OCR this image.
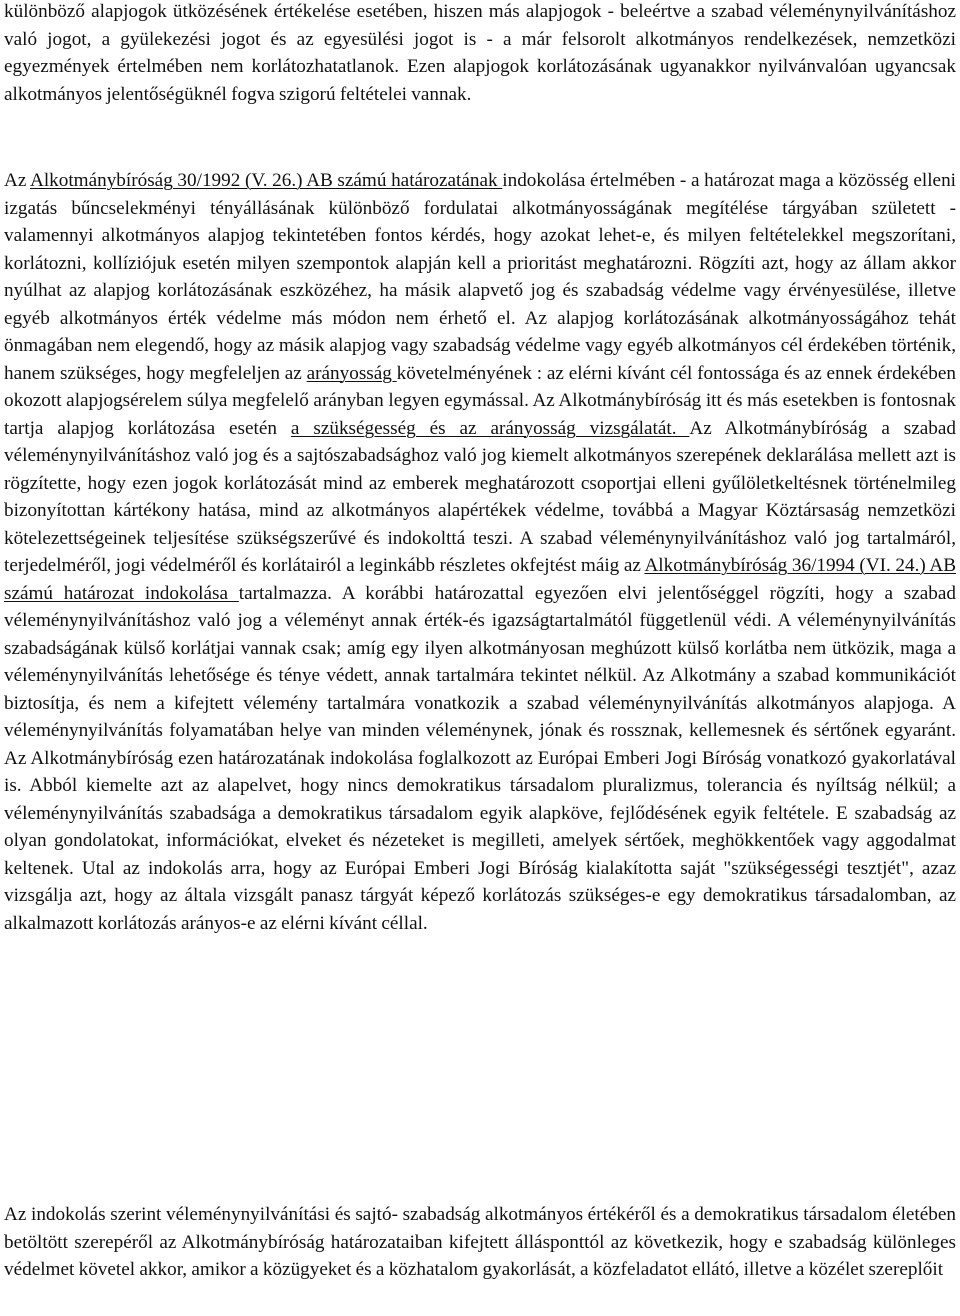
különböző alapjogok ütközésének értékelése esetében, hiszen más alapjogok - beleértve a szabad véleménynyilvánításhoz való jogot, a gyülekezési jogot és az egyesülési jogot is - a már felsorolt alkotmányos rendelkezések, nemzetközi egyezmények értelmében nem korlátozhatatlanok. Ezen alapjogok korlátozásának ugyanakkor nyilvánvalóan ugyancsak alkotmányos jelentőségüknél fogva szigorú feltételei vannak.

Az Alkotmánybíróság 30/1992 (V. 26.) AB számú határozatának indokolása értelmében - a határozat maga a közösség elleni izgatás bűncselekményi tényállásának különböző fordulatai alkotmányosságának megítélése tárgyában született - valamennyi alkotmányos alapjog tekintetében fontos kérdés, hogy azokat lehet-e, és milyen feltételekkel megszorítani, korlátozni, kollíziójuk esetén milyen szempontok alapján kell a prioritást meghatározni. Rögzíti azt, hogy az állam akkor nyúlhat az alapjog korlátozásának eszközéhez, ha másik alapvető jog és szabadság védelme vagy érvényesülése, illetve egyéb alkotmányos érték védelme más módon nem érhető el. Az alapjog korlátozásának alkotmányosságához tehát önmagában nem elegendő, hogy az másik alapjog vagy szabadság védelme vagy egyéb alkotmányos cél érdekében történik, hanem szükséges, hogy megfeleljen az arányosság követelményének : az elérni kívánt cél fontossága és az ennek érdekében okozott alapjogsérelem súlya megfelelő arányban legyen egymással. Az Alkotmánybíróság itt és más esetekben is fontosnak tartja alapjog korlátozása esetén a szükségesség és az arányosság vizsgálatát. Az Alkotmánybíróság a szabad véleménynyilvánításhoz való jog és a sajtószabadsághoz való jog kiemelt alkotmányos szerepének deklarálása mellett azt is rögzítette, hogy ezen jogok korlátozását mind az emberek meghatározott csoportjai elleni gyűlöletkeltésnek történelmileg bizonyítottan kártékony hatása, mind az alkotmányos alapértékek védelme, továbbá a Magyar Köztársaság nemzetközi kötelezettségeinek teljesítése szükségszerűvé és indokolttá teszi. A szabad véleménynyilvánításhoz való jog tartalmáról, terjedelméről, jogi védelméről és korlátairól a leginkább részletes okfejtést máig az Alkotmánybíróság 36/1994 (VI. 24.) AB számú határozat indokolása tartalmazza. A korábbi határozattal egyezően elvi jelentőséggel rögzíti, hogy a szabad véleménynyilvánításhoz való jog a véleményt annak érték-és igazságtartalmától függetlenül védi. A véleménynyilvánítás szabadságának külső korlátjai vannak csak; amíg egy ilyen alkotmányosan meghúzott külső korlátba nem ütközik, maga a véleménynyilvánítás lehetősége és ténye védett, annak tartalmára tekintet nélkül. Az Alkotmány a szabad kommunikációt biztosítja, és nem a kifejtett vélemény tartalmára vonatkozik a szabad véleménynyilvánítás alkotmányos alapjoga. A véleménynyilvánítás folyamatában helye van minden véleménynek, jónak és rossznak, kellemesnek és sértőnek egyaránt. Az Alkotmánybíróság ezen határozatának indokolása foglalkozott az Európai Emberi Jogi Bíróság vonatkozó gyakorlatával is. Abból kiemelte azt az alapelvet, hogy nincs demokratikus társadalom pluralizmus, tolerancia és nyíltság nélkül; a véleménynyilvánítás szabadsága a demokratikus társadalom egyik alapköve, fejlődésének egyik feltétele. E szabadság az olyan gondolatokat, információkat, elveket és nézeteket is megilleti, amelyek sértőek, meghökkentőek vagy aggodalmat keltenek. Utal az indokolás arra, hogy az Európai Emberi Jogi Bíróság kialakította saját "szükségességi tesztjét", azaz vizsgálja azt, hogy az általa vizsgált panasz tárgyát képező korlátozás szükséges-e egy demokratikus társadalomban, az alkalmazott korlátozás arányos-e az elérni kívánt céllal.

Az indokolás szerint véleménynyilvánítási és sajtó- szabadság alkotmányos értékéről és a demokratikus társadalom életében betöltött szerepéről az Alkotmánybíróság határozataiban kifejtett állásponttól az következik, hogy e szabadság különleges védelmet követel akkor, amikor a közügyeket és a közhatalom gyakorlását, a közfeladatot ellátó, illetve a közélet szereplőit
